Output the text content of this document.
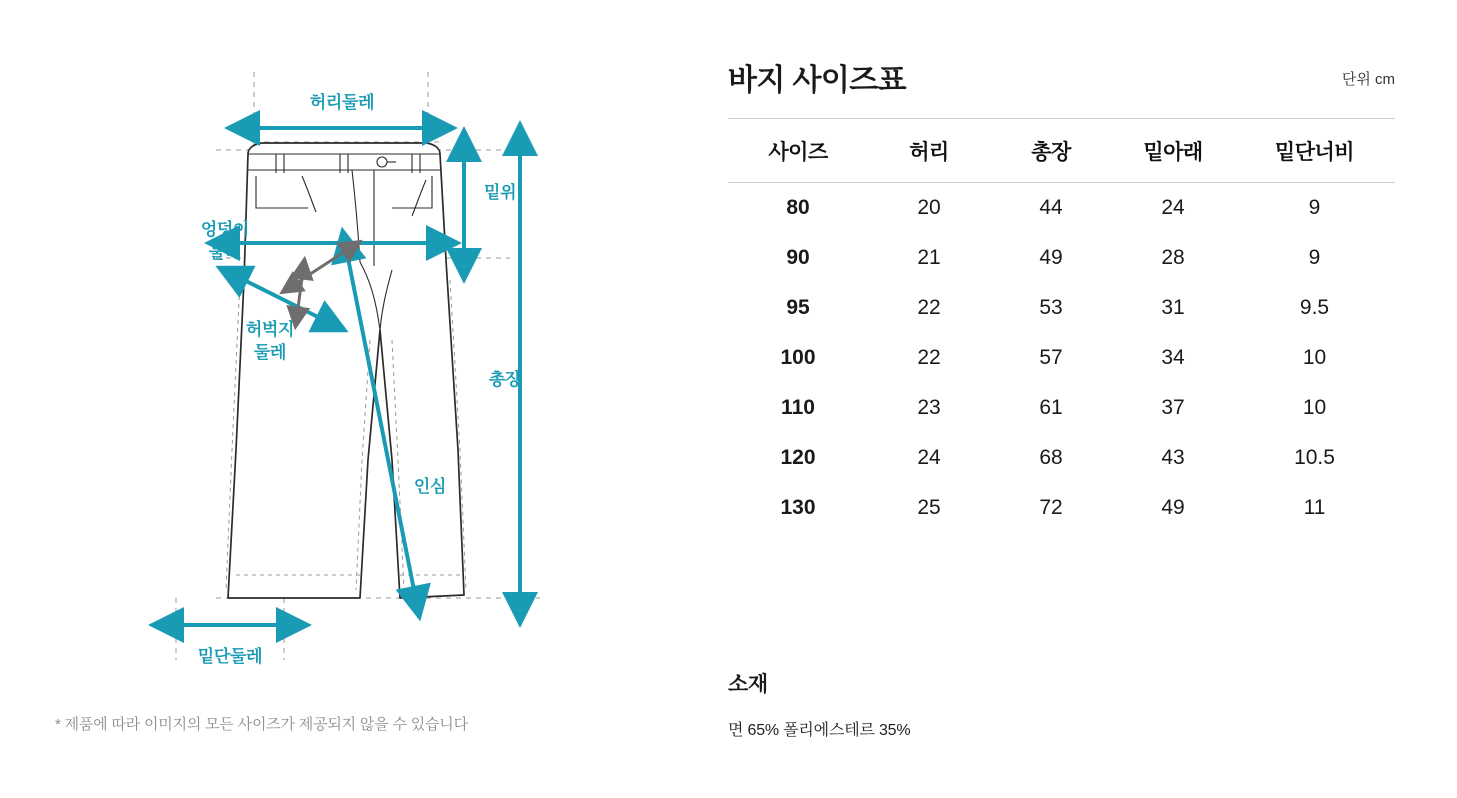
허리둘레
밑위
엉덩이
둘레
허벅지
둘레
총장
인심
밑단둘레
* 제품에 따라 이미지의 모든 사이즈가 제공되지 않을 수 있습니다
바지 사이즈표	단위 cm
사이즈	허리	총장	밑아래	밑단너비
80	20	44	24	9
90	21	49	28	9
95	22	53	31	9.5
100	22	57	34	10
110	23	61	37	10
120	24	68	43	10.5
130	25	72	49	11
소재
면 65% 폴리에스테르 35%
